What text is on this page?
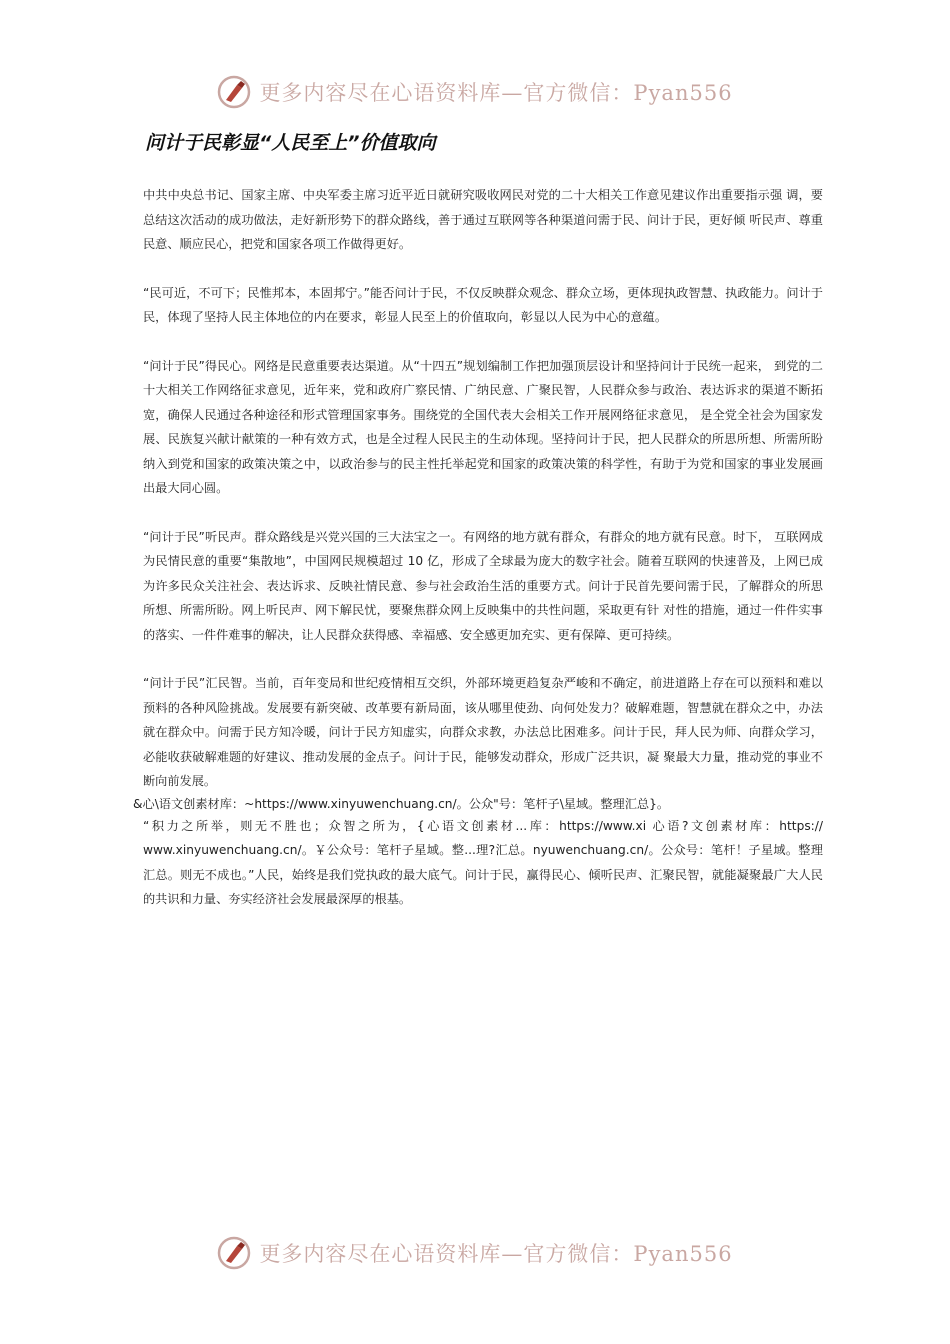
更多内容尽在心语资料库—官方微信：Pyan556
问计于民彰显“人民至上”价值取向

中共中央总书记、国家主席、中央军委主席习近平近日就研究吸收网民对党的二十大相关工作意见建议作出重要指示强 调，要总结这次活动的成功做法，走好新形势下的群众路线，善于通过互联网等各种渠道问需于民、问计于民，更好倾 听民声、尊重民意、顺应民心，把党和国家各项工作做得更好。

“民可近，不可下；民惟邦本，本固邦宁。”能否问计于民，不仅反映群众观念、群众立场，更体现执政智慧、执政能力。问计于民，体现了坚持人民主体地位的内在要求，彰显人民至上的价值取向，彰显以人民为中心的意蕴。

“问计于民”得民心。网络是民意重要表达渠道。从“十四五”规划编制工作把加强顶层设计和坚持问计于民统一起来， 到党的二十大相关工作网络征求意见，近年来，党和政府广察民情、广纳民意、广聚民智，人民群众参与政治、表达诉求的渠道不断拓宽，确保人民通过各种途径和形式管理国家事务。围绕党的全国代表大会相关工作开展网络征求意见， 是全党全社会为国家发展、民族复兴献计献策的一种有效方式，也是全过程人民民主的生动体现。坚持问计于民，把人民群众的所思所想、所需所盼纳入到党和国家的政策决策之中，以政治参与的民主性托举起党和国家的政策决策的科学性，有助于为党和国家的事业发展画出最大同心圆。

“问计于民”听民声。群众路线是兴党兴国的三大法宝之一。有网络的地方就有群众，有群众的地方就有民意。时下， 互联网成为民情民意的重要“集散地”，中国网民规模超过 10 亿，形成了全球最为庞大的数字社会。随着互联网的快速普及，上网已成为许多民众关注社会、表达诉求、反映社情民意、参与社会政治生活的重要方式。问计于民首先要问需于民，了解群众的所思所想、所需所盼。网上听民声、网下解民忧，要聚焦群众网上反映集中的共性问题，采取更有针 对性的措施，通过一件件实事的落实、一件件难事的解决，让人民群众获得感、幸福感、安全感更加充实、更有保障、更可持续。

“问计于民”汇民智。当前，百年变局和世纪疫情相互交织，外部环境更趋复杂严峻和不确定，前进道路上存在可以预料和难以预料的各种风险挑战。发展要有新突破、改革要有新局面，该从哪里使劲、向何处发力？破解难题，智慧就在群众之中，办法就在群众中。问需于民方知冷暖，问计于民方知虚实，向群众求教，办法总比困难多。问计于民，拜人民为师、向群众学习，必能收获破解难题的好建议、推动发展的金点子。问计于民，能够发动群众，形成广泛共识，凝 聚最大力量，推动党的事业不断向前发展。

&心\语文创素材库：~https://www.xinyuwenchuang.cn/。公众"号：笔杆子\星域。整理汇总}。

“积力之所举，则无不胜也；众智之所为，{心语文创素材...库：https://www.xi 心语?文创素材库：https:// www.xinyuwenchuang.cn/。￥公众号：笔杆子星域。整...理?汇总。nyuwenchuang.cn/。公众号：笔杆！子星域。整理汇总。则无不成也。”人民，始终是我们党执政的最大底气。问计于民，赢得民心、倾听民声、汇聚民智，就能凝聚最广大人民的共识和力量、夯实经济社会发展最深厚的根基。

更多内容尽在心语资料库—官方微信：Pyan556
